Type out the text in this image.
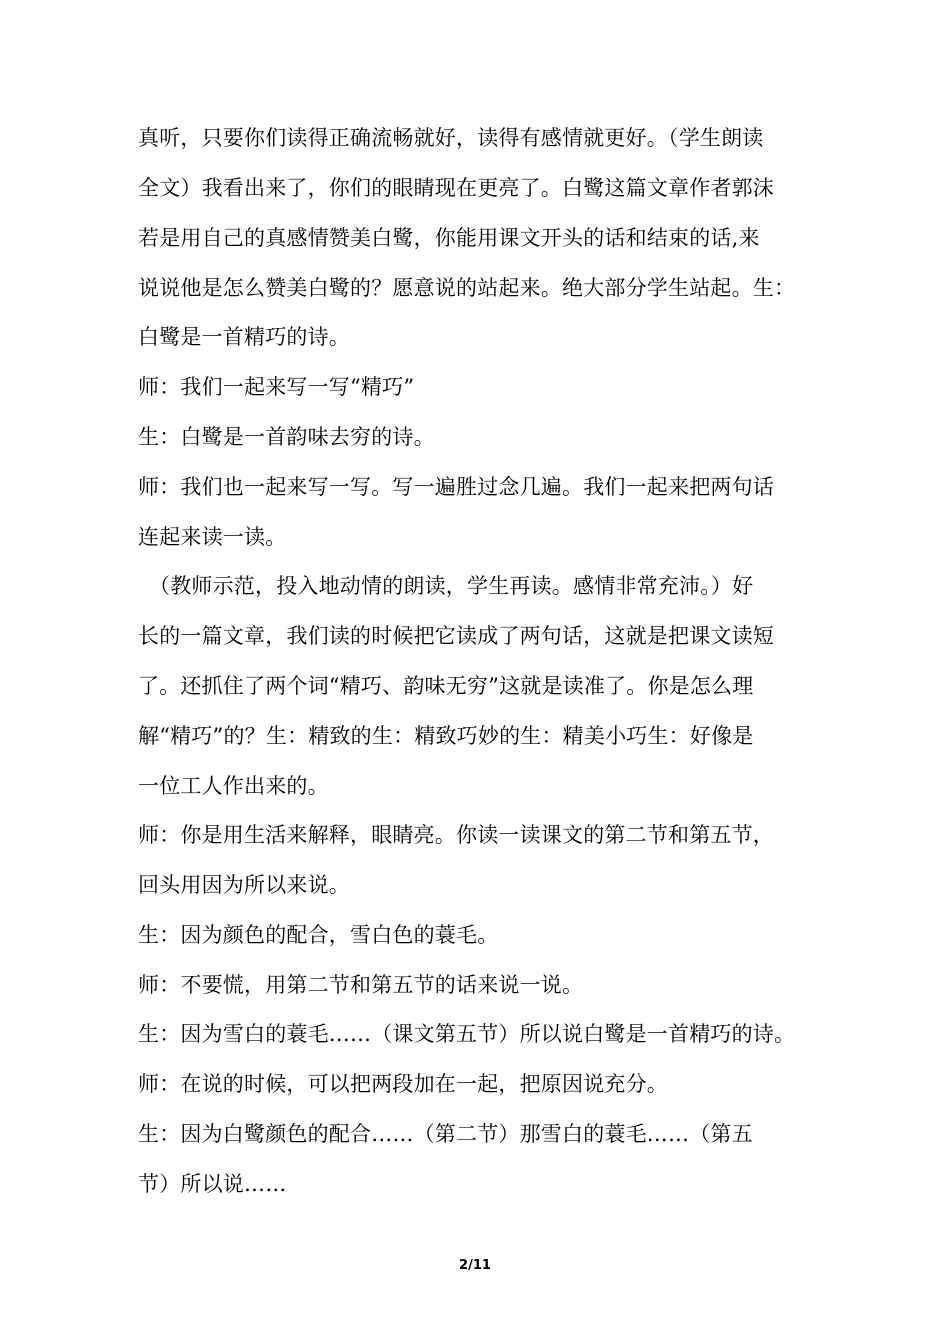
真听，只要你们读得正确流畅就好，读得有感情就更好。（学生朗读
全文）我看出来了，你们的眼睛现在更亮了。白鹭这篇文章作者郭沫
若是用自己的真感情赞美白鹭，你能用课文开头的话和结束的话,来
说说他是怎么赞美白鹭的？愿意说的站起来。绝大部分学生站起。生：
白鹭是一首精巧的诗。
师：我们一起来写一写“精巧”
生：白鹭是一首韵味去穷的诗。
师：我们也一起来写一写。写一遍胜过念几遍。我们一起来把两句话
连起来读一读。
（教师示范，投入地动情的朗读，学生再读。感情非常充沛。）好
长的一篇文章，我们读的时候把它读成了两句话，这就是把课文读短
了。还抓住了两个词“精巧、韵味无穷”这就是读准了。你是怎么理
解“精巧”的？生：精致的生：精致巧妙的生：精美小巧生：好像是
一位工人作出来的。
师：你是用生活来解释，眼睛亮。你读一读课文的第二节和第五节，
回头用因为所以来说。
生：因为颜色的配合，雪白色的蓑毛。
师：不要慌，用第二节和第五节的话来说一说。
生：因为雪白的蓑毛……（课文第五节）所以说白鹭是一首精巧的诗。
师：在说的时候，可以把两段加在一起，把原因说充分。
生：因为白鹭颜色的配合……（第二节）那雪白的蓑毛……（第五
节）所以说……
2/11
